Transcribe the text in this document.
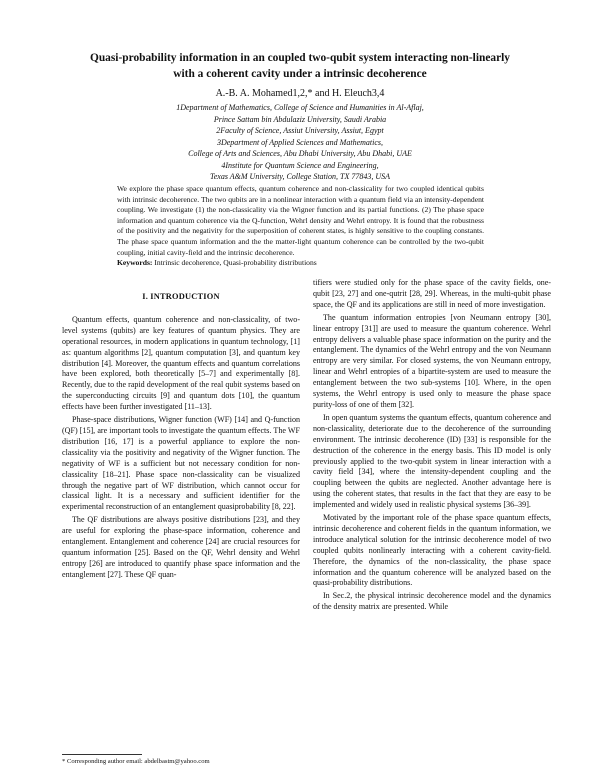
Quasi-probability information in an coupled two-qubit system interacting non-linearly
with a coherent cavity under a intrinsic decoherence
A.-B. A. Mohamed1,2,* and H. Eleuch3,4
1Department of Mathematics, College of Science and Humanities in Al-Aflaj,
Prince Sattam bin Abdulaziz University, Saudi Arabia
2Faculty of Science, Assiut University, Assiut, Egypt
3Department of Applied Sciences and Mathematics,
College of Arts and Sciences, Abu Dhabi University, Abu Dhabi, UAE
4Institute for Quantum Science and Engineering,
Texas A&M University, College Station, TX 77843, USA
We explore the phase space quantum effects, quantum coherence and non-classicality for two coupled identical qubits with intrinsic decoherence. The two qubits are in a nonlinear interaction with a quantum field via an intensity-dependent coupling. We investigate (1) the non-classicality via the Wigner function and its partial functions. (2) The phase space information and quantum coherence via the Q-function, Wehrl density and Wehrl entropy. It is found that the robustness of the positivity and the negativity for the superposition of coherent states, is highly sensitive to the coupling constants. The phase space quantum information and the the matter-light quantum coherence can be controlled by the two-qubit coupling, initial cavity-field and the intrinsic decoherence.
Keywords: Intrinsic decoherence, Quasi-probability distributions
I. INTRODUCTION

Quantum effects, quantum coherence and non-classicality, of two-level systems (qubits) are key features of quantum physics. They are operational resources, in modern applications in quantum technology, [1] as: quantum algorithms [2], quantum computation [3], and quantum key distribution [4]. Moreover, the quantum effects and quantum correlations have been explored, both theoretically [5–7] and experimentally [8]. Recently, due to the rapid development of the real qubit systems based on the superconducting circuits [9] and quantum dots [10], the quantum effects have been further investigated [11–13].

Phase-space distributions, Wigner function (WF) [14] and Q-function (QF) [15], are important tools to investigate the quantum effects. The WF distribution [16, 17] is a powerful appliance to explore the non-classicality via the positivity and negativity of the Wigner function. The negativity of WF is a sufficient but not necessary condition for non-classicality [18–21]. Phase space non-classicality can be visualized through the negative part of WF distribution, which cannot occur for classical light. It is a necessary and sufficient identifier for the experimental reconstruction of an entanglement quasiprobability [8, 22].

The QF distributions are always positive distributions [23], and they are useful for exploring the phase-space information, coherence and entanglement. Entanglement and coherence [24] are crucial resources for quantum information [25]. Based on the QF, Wehrl density and Wehrl entropy [26] are introduced to quantify phase space information and the entanglement [27]. These QF quan-

tifiers were studied only for the phase space of the cavity fields, one-qubit [23, 27] and one-qutrit [28, 29]. Whereas, in the multi-qubit phase space, the QF and its applications are still in need of more investigation.

The quantum information entropies [von Neumann entropy [30], linear entropy [31]] are used to measure the quantum coherence. Wehrl entropy delivers a valuable phase space information on the purity and the entanglement. The dynamics of the Wehrl entropy and the von Neumann entropy are very similar. For closed systems, the von Neumann entropy, linear and Wehrl entropies of a bipartite-system are used to measure the entanglement between the two sub-systems [10]. Where, in the open systems, the Wehrl entropy is used only to measure the phase space purity-loss of one of them [32].

In open quantum systems the quantum effects, quantum coherence and non-classicality, deteriorate due to the decoherence of the surrounding environment. The intrinsic decoherence (ID) [33] is responsible for the destruction of the coherence in the energy basis. This ID model is only previously applied to the two-qubit system in linear interaction with a cavity field [34], where the intensity-dependent coupling and the coupling between the qubits are neglected. Another advantage here is using the coherent states, that results in the fact that they are easy to be implemented and widely used in realistic physical systems [36–39].

Motivated by the important role of the phase space quantum effects, intrinsic decoherence and coherent fields in the quantum information, we introduce analytical solution for the intrinsic decoherence model of two coupled qubits nonlinearly interacting with a coherent cavity-field. Therefore, the dynamics of the non-classicality, the phase space information and the quantum coherence will be analyzed based on the quasi-probability distributions.

In Sec.2, the physical intrinsic decoherence model and the dynamics of the density matrix are presented. While

* Corresponding author email: abdelbastm@yahoo.com
